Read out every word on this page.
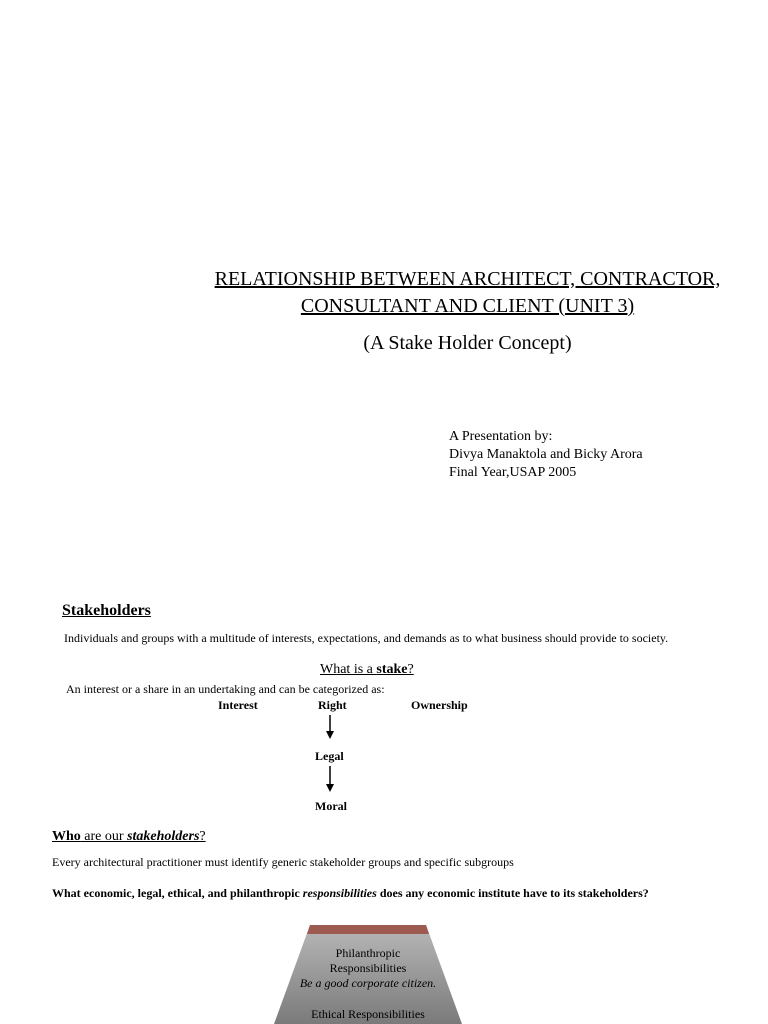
RELATIONSHIP BETWEEN ARCHITECT, CONTRACTOR,
CONSULTANT AND CLIENT (UNIT 3)
(A Stake Holder Concept)
A Presentation by:
Divya Manaktola and Bicky Arora
Final Year,USAP 2005
Stakeholders
Individuals and groups with a multitude of interests, expectations, and demands as to what business should provide to society.
What is a stake?
An interest or a share in an undertaking and can be categorized as:
Interest	Right	Ownership
Legal
Moral
Who are our stakeholders?
Every architectural practitioner must identify generic stakeholder groups and specific subgroups
What economic, legal, ethical, and philanthropic responsibilities does any economic institute have to its stakeholders?
Philanthropic
Responsibilities
Be a good corporate citizen.
Ethical Responsibilities
